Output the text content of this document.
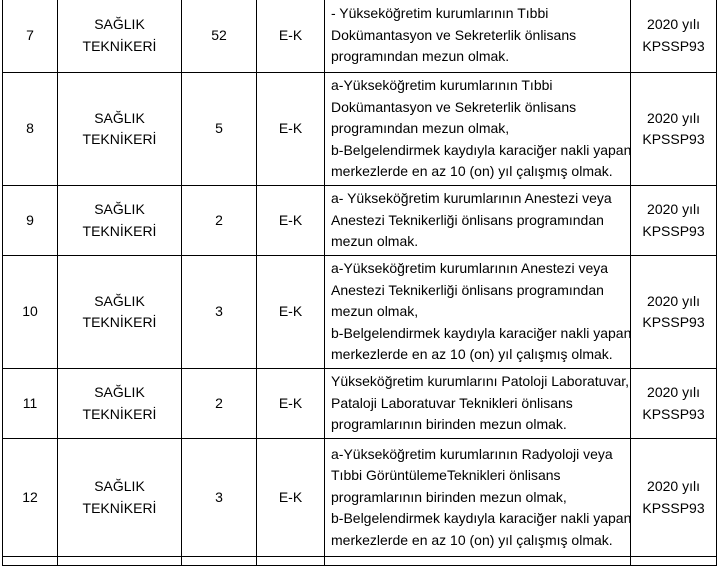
7	SAĞLIK
TEKNİKERİ	52	E-K	- Yükseköğretim kurumlarının Tıbbi
Dokümantasyon ve Sekreterlik önlisans
programından mezun olmak.	2020 yılı
KPSSP93

8	SAĞLIK
TEKNİKERİ	5	E-K	a-Yükseköğretim kurumlarının Tıbbi
Dokümantasyon ve Sekreterlik önlisans
programından mezun olmak,
b-Belgelendirmek kaydıyla karaciğer nakli yapan
merkezlerde en az 10 (on) yıl çalışmış olmak.	2020 yılı
KPSSP93

9	SAĞLIK
TEKNİKERİ	2	E-K	a- Yükseköğretim kurumlarının Anestezi veya
Anestezi Teknikerliği önlisans programından
mezun olmak.	2020 yılı
KPSSP93

10	SAĞLIK
TEKNİKERİ	3	E-K	a-Yükseköğretim kurumlarının Anestezi veya
Anestezi Teknikerliği önlisans programından
mezun olmak,
b-Belgelendirmek kaydıyla karaciğer nakli yapan
merkezlerde en az 10 (on) yıl çalışmış olmak.	2020 yılı
KPSSP93

11	SAĞLIK
TEKNİKERİ	2	E-K	Yükseköğretim kurumlarını Patoloji Laboratuvar,
Pataloji Laboratuvar Teknikleri önlisans
programlarının birinden mezun olmak.	2020 yılı
KPSSP93

12	SAĞLIK
TEKNİKERİ	3	E-K	a-Yükseköğretim kurumlarının Radyoloji veya
Tıbbi GörüntülemeTeknikleri önlisans
programlarının birinden mezun olmak,
b-Belgelendirmek kaydıyla karaciğer nakli yapan
merkezlerde en az 10 (on) yıl çalışmış olmak.	2020 yılı
KPSSP93
